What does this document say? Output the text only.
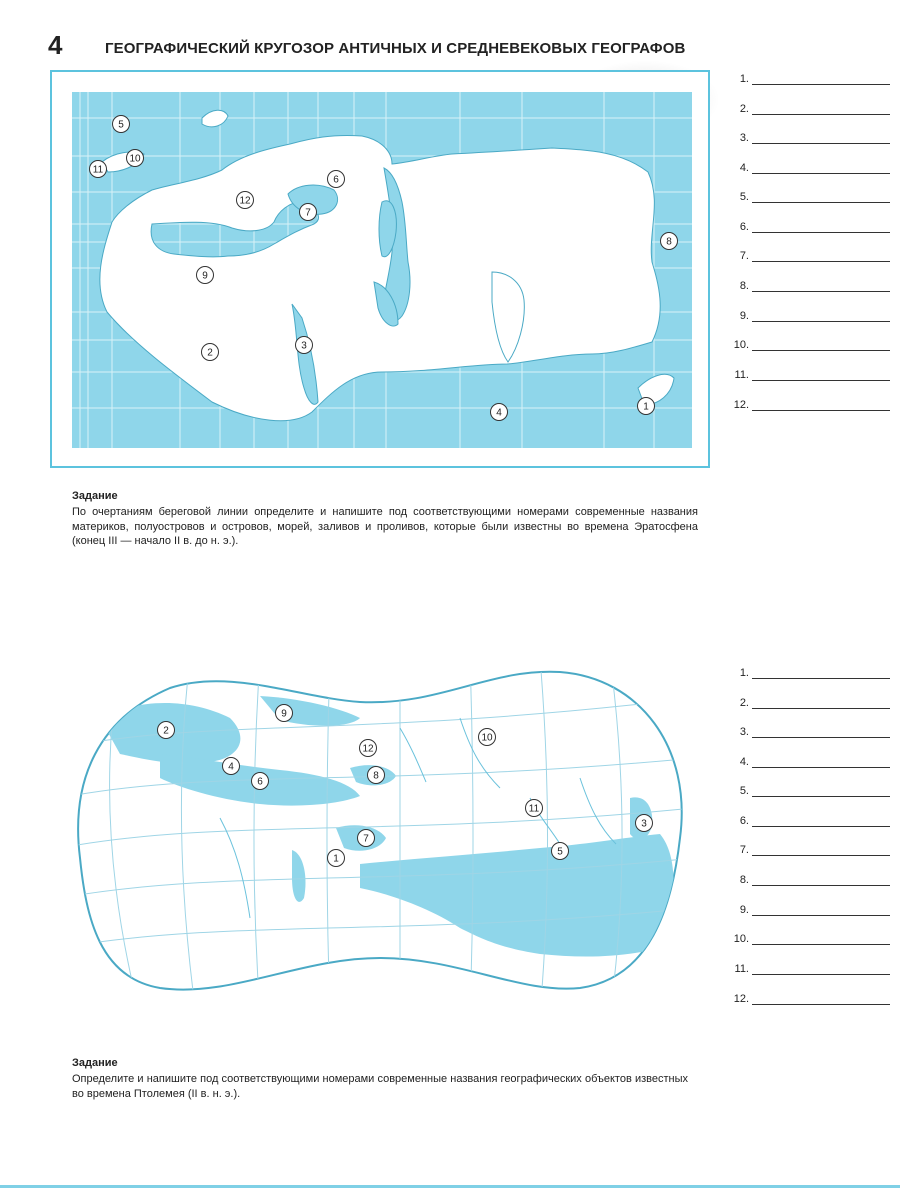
4	ГЕОГРАФИЧЕСКИЙ КРУГОЗОР АНТИЧНЫХ И СРЕДНЕВЕКОВЫХ ГЕОГРАФОВ
5
10
11
6
12
7
8
9
2
3
4
1
1.
2.
3.
4.
5.
6.
7.
8.
9.
10.
11.
12.
Задание
По очертаниям береговой линии определите и напишите под соответствующими номерами современные названия материков, полуостровов и островов, морей, заливов и проливов, которые были известны во времена Эратосфена (конец III — начало II в. до н. э.).
2
9
4
6
12
8
10
11
3
5
7
1
1.
2.
3.
4.
5.
6.
7.
8.
9.
10.
11.
12.
Задание
Определите и напишите под соответствующими номерами современные названия географических объектов известных во времена Птолемея (II в. н. э.).
